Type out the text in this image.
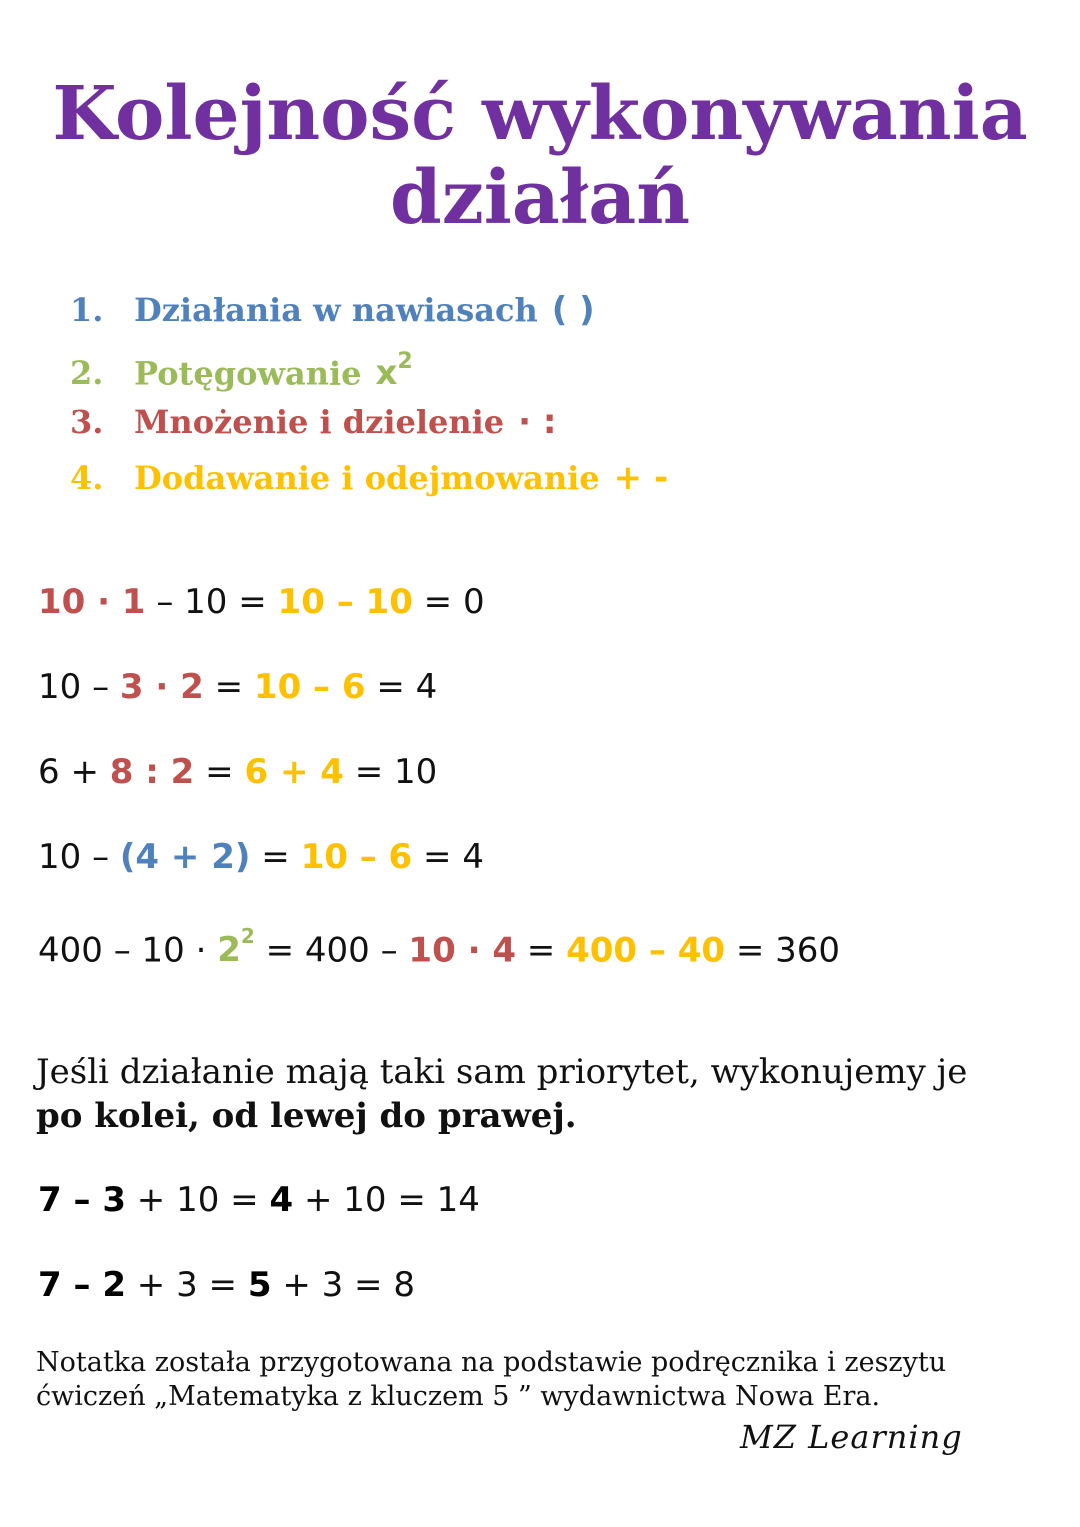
Kolejność wykonywania
działań
1. Działania w nawiasach ( )
2. Potęgowanie $x^2$
3. Mnożenie i dzielenie · :
4. Dodawanie i odejmowanie + -
10 · 1 – 10 = 10 – 10 = 0
10 – 3 · 2 = 10 – 6 = 4
6 + 8 : 2 = 6 + 4 = 10
10 – (4 + 2) = 10 – 6 = 4
$400 - 10 \cdot 2^2 = 400 - 10 \cdot 4 = 400 - 40 = 360$
Jeśli działanie mają taki sam priorytet, wykonujemy je
po kolei, od lewej do prawej.
7 – 3 + 10 = 4 + 10 = 14
7 – 2 + 3 = 5 + 3 = 8
Notatka została przygotowana na podstawie podręcznika i zeszytu
ćwiczeń „Matematyka z kluczem 5 ” wydawnictwa Nowa Era.
MZ Learning
